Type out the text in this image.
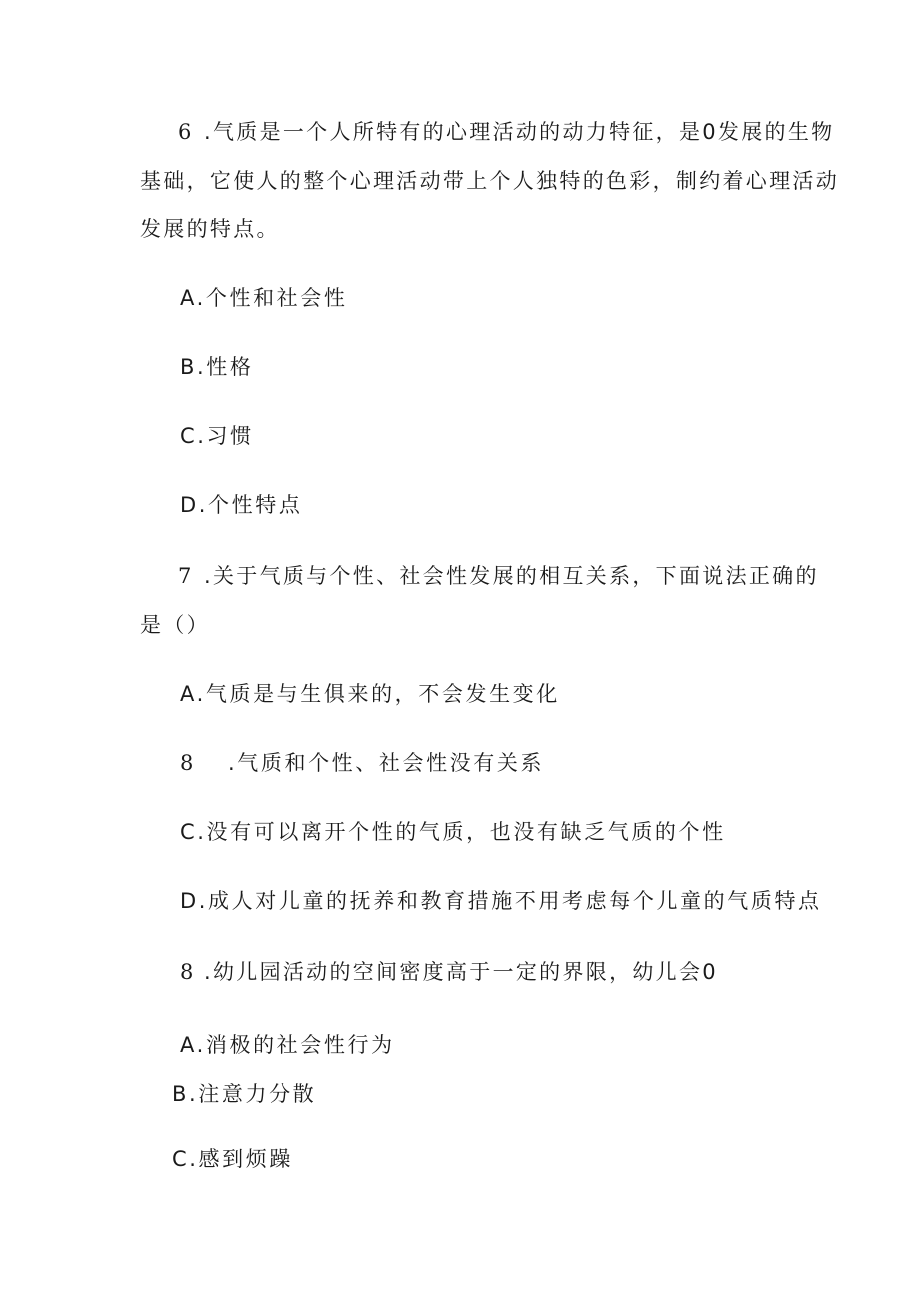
6 .气质是一个人所特有的心理活动的动力特征，是0发展的生物
基础，它使人的整个心理活动带上个人独特的色彩，制约着心理活动
发展的特点。
A.个性和社会性
B.性格
C.习惯
D.个性特点
7 .关于气质与个性、社会性发展的相互关系，下面说法正确的
是（）
A.气质是与生俱来的，不会发生变化
8 .气质和个性、社会性没有关系
C.没有可以离开个性的气质，也没有缺乏气质的个性
D.成人对儿童的抚养和教育措施不用考虑每个儿童的气质特点
8 .幼儿园活动的空间密度高于一定的界限，幼儿会0
A.消极的社会性行为
B.注意力分散
C.感到烦躁
